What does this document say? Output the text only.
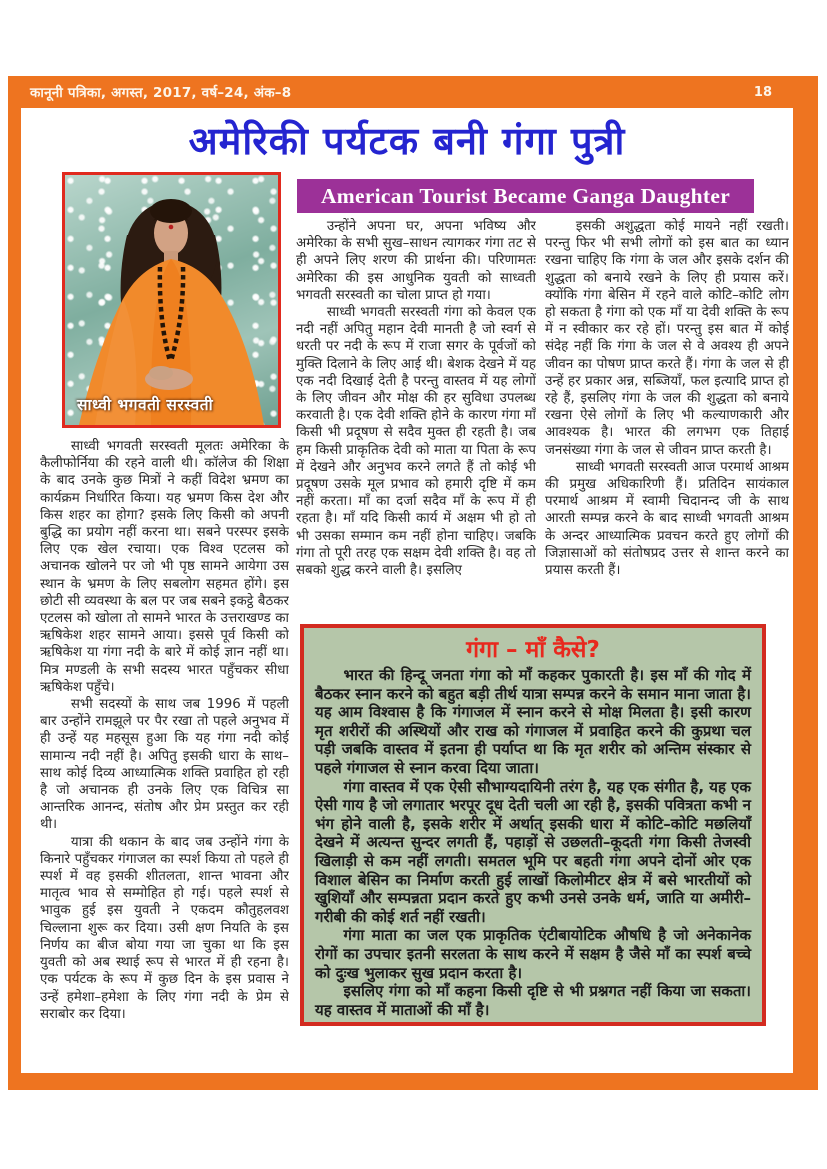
कानूनी पत्रिका, अगस्त, 2017, वर्ष–24, अंक–8	18
अमेरिकी पर्यटक बनी गंगा पुत्री
साध्वी भगवती सरस्वती
American Tourist Became Ganga Daughter

साध्वी भगवती सरस्वती मूलतः अमेरिका के कैलीफोर्निया की रहने वाली थी। कॉलेज की शिक्षा के बाद उनके कुछ मित्रों ने कहीं विदेश भ्रमण का कार्यक्रम निर्धारित किया। यह भ्रमण किस देश और किस शहर का होगा? इसके लिए किसी को अपनी बुद्धि का प्रयोग नहीं करना था। सबने परस्पर इसके लिए एक खेल रचाया। एक विश्व एटलस को अचानक खोलने पर जो भी पृष्ठ सामने आयेगा उस स्थान के भ्रमण के लिए सबलोग सहमत होंगे। इस छोटी सी व्यवस्था के बल पर जब सबने इकट्ठे बैठकर एटलस को खोला तो सामने भारत के उत्तराखण्ड का ऋषिकेश शहर सामने आया। इससे पूर्व किसी को ऋषिकेश या गंगा नदी के बारे में कोई ज्ञान नहीं था। मित्र मण्डली के सभी सदस्य भारत पहुँचकर सीधा ऋषिकेश पहुँचे।

सभी सदस्यों के साथ जब 1996 में पहली बार उन्होंने रामझूले पर पैर रखा तो पहले अनुभव में ही उन्हें यह महसूस हुआ कि यह गंगा नदी कोई सामान्य नदी नहीं है। अपितु इसकी धारा के साथ–साथ कोई दिव्य आध्यात्मिक शक्ति प्रवाहित हो रही है जो अचानक ही उनके लिए एक विचित्र सा आन्तरिक आनन्द, संतोष और प्रेम प्रस्तुत कर रही थी।

यात्रा की थकान के बाद जब उन्होंने गंगा के किनारे पहुँचकर गंगाजल का स्पर्श किया तो पहले ही स्पर्श में वह इसकी शीतलता, शान्त भावना और मातृत्व भाव से सम्मोहित हो गई। पहले स्पर्श से भावुक हुई इस युवती ने एकदम कौतुहलवश चिल्लाना शुरू कर दिया। उसी क्षण नियति के इस निर्णय का बीज बोया गया जा चुका था कि इस युवती को अब स्थाई रूप से भारत में ही रहना है। एक पर्यटक के रूप में कुछ दिन के इस प्रवास ने उन्हें हमेशा–हमेशा के लिए गंगा नदी के प्रेम से सराबोर कर दिया।

उन्होंने अपना घर, अपना भविष्य और अमेरिका के सभी सुख–साधन त्यागकर गंगा तट से ही अपने लिए शरण की प्रार्थना की। परिणामतः अमेरिका की इस आधुनिक युवती को साध्वती भगवती सरस्वती का चोला प्राप्त हो गया।

साध्वी भगवती सरस्वती गंगा को केवल एक नदी नहीं अपितु महान देवी मानती है जो स्वर्ग से धरती पर नदी के रूप में राजा सगर के पूर्वजों को मुक्ति दिलाने के लिए आई थी। बेशक देखने में यह एक नदी दिखाई देती है परन्तु वास्तव में यह लोगों के लिए जीवन और मोक्ष की हर सुविधा उपलब्ध करवाती है। एक देवी शक्ति होने के कारण गंगा माँ किसी भी प्रदूषण से सदैव मुक्त ही रहती है। जब हम किसी प्राकृतिक देवी को माता या पिता के रूप में देखने और अनुभव करने लगते हैं तो कोई भी प्रदूषण उसके मूल प्रभाव को हमारी दृष्टि में कम नहीं करता। माँ का दर्जा सदैव माँ के रूप में ही रहता है। माँ यदि किसी कार्य में अक्षम भी हो तो भी उसका सम्मान कम नहीं होना चाहिए। जबकि गंगा तो पूरी तरह एक सक्षम देवी शक्ति है। वह तो सबको शुद्ध करने वाली है। इसलिए

इसकी अशुद्धता कोई मायने नहीं रखती। परन्तु फिर भी सभी लोगों को इस बात का ध्यान रखना चाहिए कि गंगा के जल और इसके दर्शन की शुद्धता को बनाये रखने के लिए ही प्रयास करें। क्योंकि गंगा बेसिन में रहने वाले कोटि–कोटि लोग हो सकता है गंगा को एक माँ या देवी शक्ति के रूप में न स्वीकार कर रहे हों। परन्तु इस बात में कोई संदेह नहीं कि गंगा के जल से वे अवश्य ही अपने जीवन का पोषण प्राप्त करते हैं। गंगा के जल से ही उन्हें हर प्रकार अन्न, सब्जियाँ, फल इत्यादि प्राप्त हो रहे हैं, इसलिए गंगा के जल की शुद्धता को बनाये रखना ऐसे लोगों के लिए भी कल्याणकारी और आवश्यक है। भारत की लगभग एक तिहाई जनसंख्या गंगा के जल से जीवन प्राप्त करती है।

साध्वी भगवती सरस्वती आज परमार्थ आश्रम की प्रमुख अधिकारिणी हैं। प्रतिदिन सायंकाल परमार्थ आश्रम में स्वामी चिदानन्द जी के साथ आरती सम्पन्न करने के बाद साध्वी भगवती आश्रम के अन्दर आध्यात्मिक प्रवचन करते हुए लोगों की जिज्ञासाओं को संतोषप्रद उत्तर से शान्त करने का प्रयास करती हैं।

गंगा – माँ कैसे?

भारत की हिन्दू जनता गंगा को माँ कहकर पुकारती है। इस माँ की गोद में बैठकर स्नान करने को बहुत बड़ी तीर्थ यात्रा सम्पन्न करने के समान माना जाता है। यह आम विश्वास है कि गंगाजल में स्नान करने से मोक्ष मिलता है। इसी कारण मृत शरीरों की अस्थियों और राख को गंगाजल में प्रवाहित करने की कुप्रथा चल पड़ी जबकि वास्तव में इतना ही पर्याप्त था कि मृत शरीर को अन्तिम संस्कार से पहले गंगाजल से स्नान करवा दिया जाता।

गंगा वास्तव में एक ऐसी सौभाग्यदायिनी तरंग है, यह एक संगीत है, यह एक ऐसी गाय है जो लगातार भरपूर दूध देती चली आ रही है, इसकी पवित्रता कभी न भंग होने वाली है, इसके शरीर में अर्थात् इसकी धारा में कोटि–कोटि मछलियाँ देखने में अत्यन्त सुन्दर लगती हैं, पहाड़ों से उछलती–कूदती गंगा किसी तेजस्वी खिलाड़ी से कम नहीं लगती। समतल भूमि पर बहती गंगा अपने दोनों ओर एक विशाल बेसिन का निर्माण करती हुई लाखों किलोमीटर क्षेत्र में बसे भारतीयों को खुशियाँ और सम्पन्नता प्रदान करते हुए कभी उनसे उनके धर्म, जाति या अमीरी–गरीबी की कोई शर्त नहीं रखती।

गंगा माता का जल एक प्राकृतिक एंटीबायोटिक औषधि है जो अनेकानेक रोगों का उपचार इतनी सरलता के साथ करने में सक्षम है जैसे माँ का स्पर्श बच्चे को दुःख भुलाकर सुख प्रदान करता है।

इसलिए गंगा को माँ कहना किसी दृष्टि से भी प्रश्नगत नहीं किया जा सकता। यह वास्तव में माताओं की माँ है।
